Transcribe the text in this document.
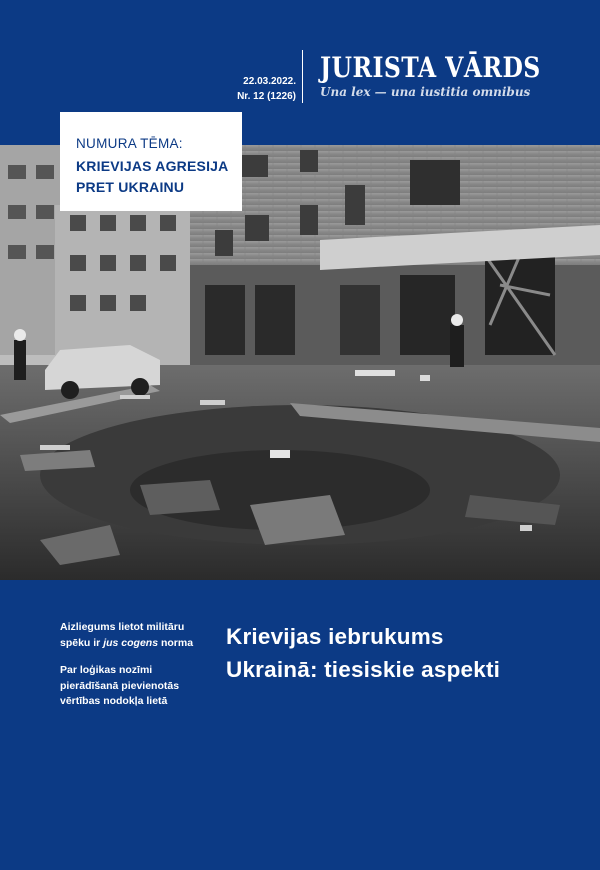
22.03.2022.
Nr. 12 (1226)
JURISTA VĀRDS
Una lex — una iustitia omnibus
NUMURA TĒMA:
KRIEVIJAS AGRESIJA
PRET UKRAINU

Aizliegums lietot militāru
spēku ir jus cogens norma

Par loģikas nozīmi
pierādīšanā pievienotās
vērtības nodokļa lietā

Krievijas iebrukums
Ukrainā: tiesiskie aspekti
